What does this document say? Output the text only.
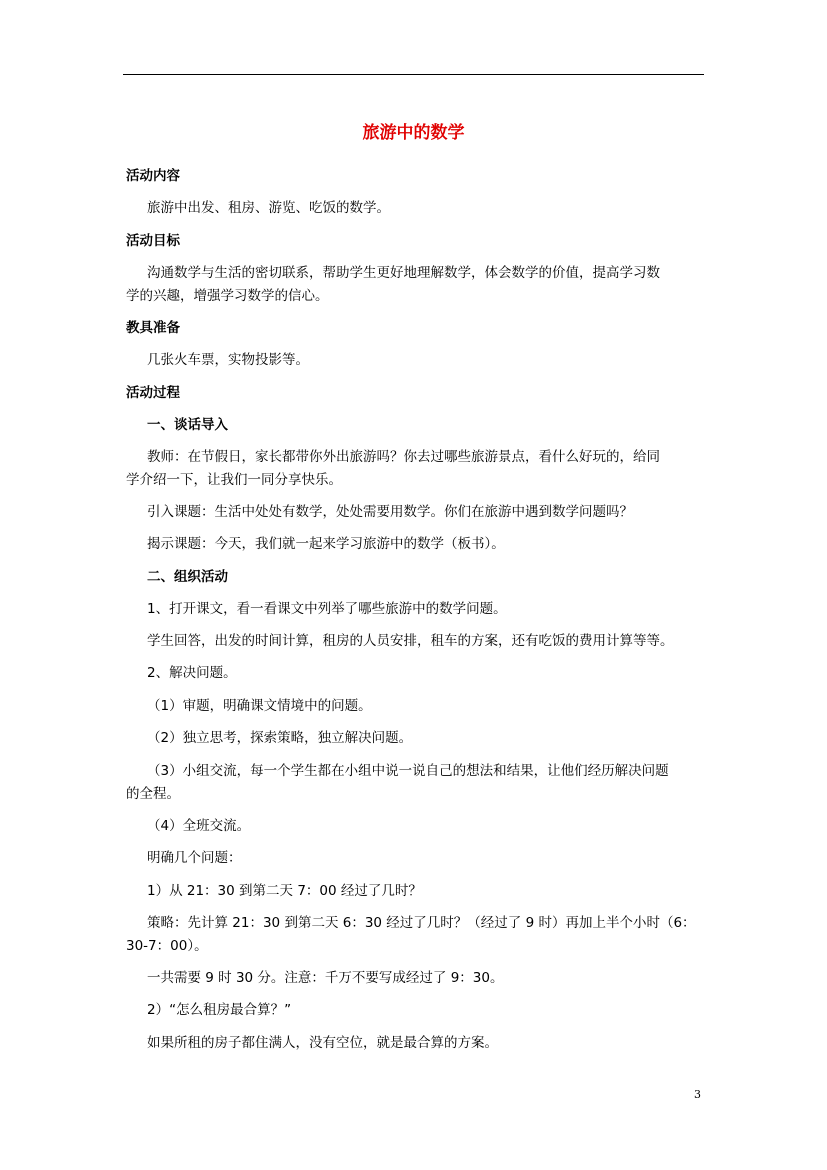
旅游中的数学
活动内容
旅游中出发、租房、游览、吃饭的数学。
活动目标
沟通数学与生活的密切联系，帮助学生更好地理解数学，体会数学的价值，提高学习数
学的兴趣，增强学习数学的信心。
教具准备
几张火车票，实物投影等。
活动过程
一、谈话导入
教师：在节假日，家长都带你外出旅游吗？你去过哪些旅游景点，看什么好玩的，给同
学介绍一下，让我们一同分享快乐。
引入课题：生活中处处有数学，处处需要用数学。你们在旅游中遇到数学问题吗？
揭示课题：今天，我们就一起来学习旅游中的数学（板书）。
二、组织活动
1、打开课文，看一看课文中列举了哪些旅游中的数学问题。
学生回答，出发的时间计算，租房的人员安排，租车的方案，还有吃饭的费用计算等等。
2、解决问题。
（1）审题，明确课文情境中的问题。
（2）独立思考，探索策略，独立解决问题。
（3）小组交流，每一个学生都在小组中说一说自己的想法和结果，让他们经历解决问题
的全程。
（4）全班交流。
明确几个问题：
1）从 21：30 到第二天 7：00 经过了几时？
策略：先计算 21：30 到第二天 6：30 经过了几时？（经过了 9 时）再加上半个小时（6：
30-7：00）。
一共需要 9 时 30 分。注意：千万不要写成经过了 9：30。
2）“怎么租房最合算？”
如果所租的房子都住满人，没有空位，就是最合算的方案。
3
